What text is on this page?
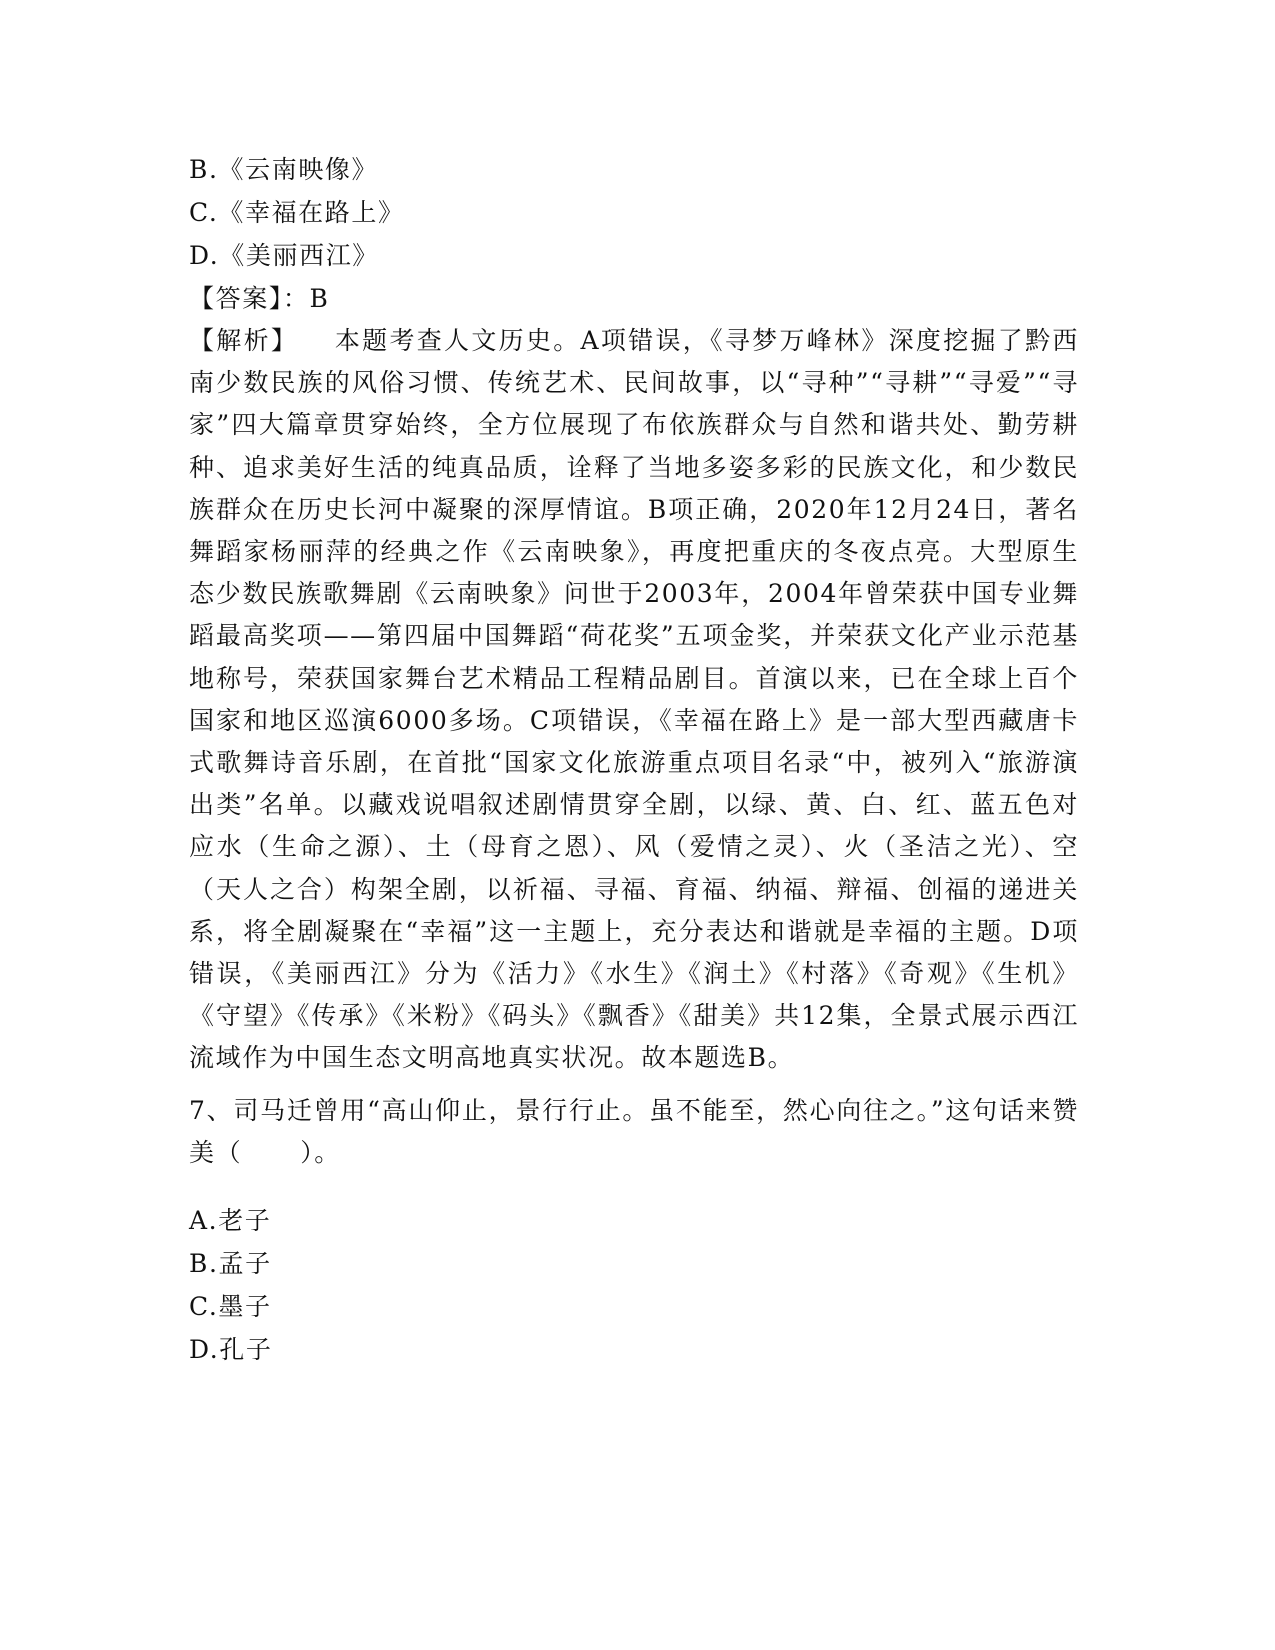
B.《云南映像》
C.《幸福在路上》
D.《美丽西江》
【答案】：B

【解析】 本题考查人文历史。A项错误，《寻梦万峰林》深度挖掘了黔西南少数民族的风俗习惯、传统艺术、民间故事，以“寻种”“寻耕”“寻爱”“寻家”四大篇章贯穿始终，全方位展现了布依族群众与自然和谐共处、勤劳耕种、追求美好生活的纯真品质，诠释了当地多姿多彩的民族文化，和少数民族群众在历史长河中凝聚的深厚情谊。B项正确，2020年12月24日，著名舞蹈家杨丽萍的经典之作《云南映象》，再度把重庆的冬夜点亮。大型原生态少数民族歌舞剧《云南映象》问世于2003年，2004年曾荣获中国专业舞蹈最高奖项——第四届中国舞蹈“荷花奖”五项金奖，并荣获文化产业示范基地称号，荣获国家舞台艺术精品工程精品剧目。首演以来，已在全球上百个国家和地区巡演6000多场。C项错误，《幸福在路上》是一部大型西藏唐卡式歌舞诗音乐剧，在首批“国家文化旅游重点项目名录“中，被列入“旅游演出类”名单。以藏戏说唱叙述剧情贯穿全剧，以绿、黄、白、红、蓝五色对应水（生命之源）、土（母育之恩）、风（爱情之灵）、火（圣洁之光）、空（天人之合）构架全剧，以祈福、寻福、育福、纳福、辩福、创福的递进关系，将全剧凝聚在“幸福”这一主题上，充分表达和谐就是幸福的主题。D项错误，《美丽西江》分为《活力》《水生》《润土》《村落》《奇观》《生机》《守望》《传承》《米粉》《码头》《飘香》《甜美》共12集，全景式展示西江流域作为中国生态文明高地真实状况。故本题选B。

7、司马迁曾用“高山仰止，景行行止。虽不能至，然心向往之。”这句话来赞美（ ）。

A.老子
B.孟子
C.墨子
D.孔子
